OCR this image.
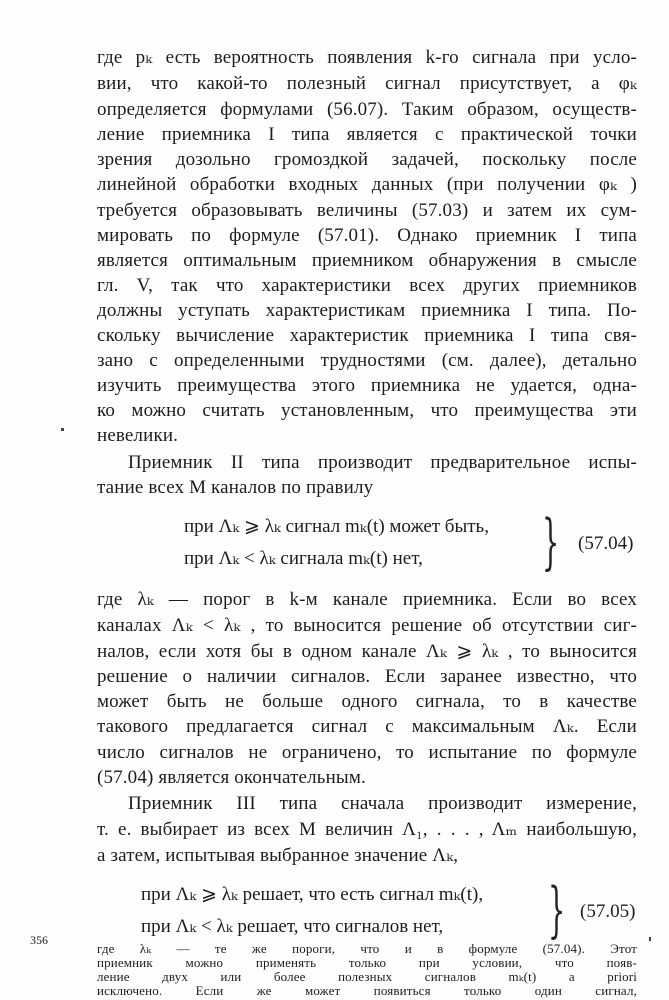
где pₖ есть вероятность появления k-го сигнала при усло-
вии, что какой-то полезный сигнал присутствует, а φₖ
определяется формулами (56.07). Таким образом, осуществ-
ление приемника I типа является с практической точки
зрения дозольно громоздкой задачей, поскольку после
линейной обработки входных данных (при получении φₖ )
требуется образовывать величины (57.03) и затем их сум-
мировать по формуле (57.01). Однако приемник I типа
является оптимальным приемником обнаружения в смысле
гл. V, так что характеристики всех других приемников
должны уступать характеристикам приемника I типа. По-
скольку вычисление характеристик приемника I типа свя-
зано с определенными трудностями (см. далее), детально
изучить преимущества этого приемника не удается, одна-
ко можно считать установленным, что преимущества эти
невелики.
Приемник II типа производит предварительное испы-
тание всех M каналов по правилу
при Λₖ ⩾ λₖ сигнал mₖ(t) может быть,
при Λₖ < λₖ сигнала mₖ(t) нет, } (57.04)
где λₖ — порог в k-м канале приемника. Если во всех
каналах Λₖ < λₖ , то выносится решение об отсутствии сиг-
налов, если хотя бы в одном канале Λₖ ⩾ λₖ , то выносится
решение о наличии сигналов. Если заранее известно, что
может быть не больше одного сигнала, то в качестве
такового предлагается сигнал с максимальным Λₖ. Если
число сигналов не ограничено, то испытание по формуле
(57.04) является окончательным.
Приемник III типа сначала производит измерение,
т. е. выбирает из всех M величин Λ₁, . . . , Λₘ наибольшую,
а затем, испытывая выбранное значение Λₖ,
при Λₖ ⩾ λₖ решает, что есть сигнал mₖ(t),
при Λₖ < λₖ решает, что сигналов нет, } (57.05)
где λₖ — те же пороги, что и в формуле (57.04). Этот
приемник можно применять только при условии, что появ-
ление двух или более полезных сигналов mₖ(t) a priori
исключено. Если же может появиться только один сигнал,
356
